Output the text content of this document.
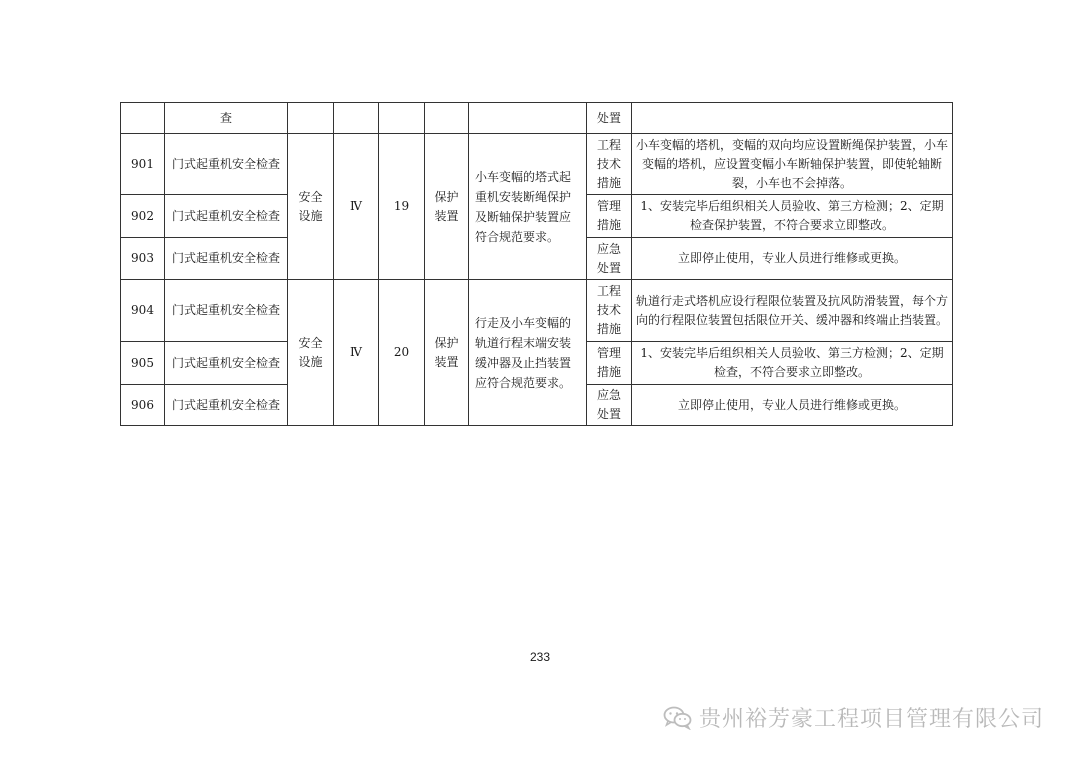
	查						处置	
901	门式起重机安全检查	安全设施	Ⅳ	19	保护装置	小车变幅的塔式起重机安装断绳保护及断轴保护装置应符合规范要求。	工程技术措施	小车变幅的塔机，变幅的双向均应设置断绳保护装置，小车变幅的塔机，应设置变幅小车断轴保护装置，即使轮轴断裂，小车也不会掉落。
902	门式起重机安全检查						管理措施	1、安装完毕后组织相关人员验收、第三方检测；2、定期检查保护装置，不符合要求立即整改。
903	门式起重机安全检查						应急处置	立即停止使用，专业人员进行维修或更换。
904	门式起重机安全检查	安全设施	Ⅳ	20	保护装置	行走及小车变幅的轨道行程末端安装缓冲器及止挡装置应符合规范要求。	工程技术措施	轨道行走式塔机应设行程限位装置及抗风防滑装置，每个方向的行程限位装置包括限位开关、缓冲器和终端止挡装置。
905	门式起重机安全检查						管理措施	1、安装完毕后组织相关人员验收、第三方检测；2、定期检查，不符合要求立即整改。
906	门式起重机安全检查						应急处置	立即停止使用，专业人员进行维修或更换。
233
贵州裕芳豪工程项目管理有限公司
